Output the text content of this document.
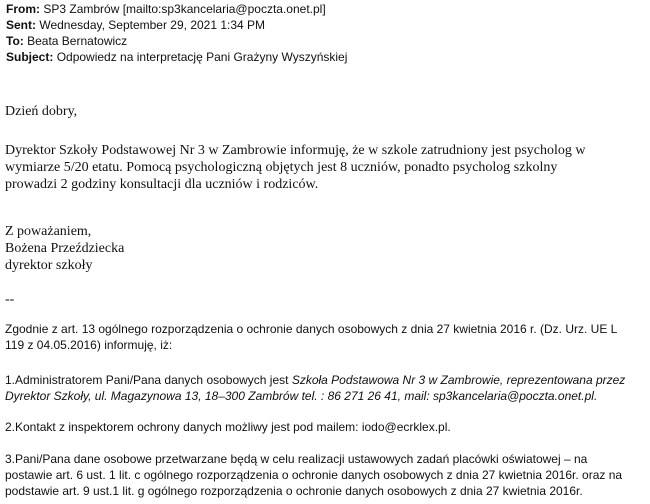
From: SP3 Zambrów [mailto:sp3kancelaria@poczta.onet.pl]
Sent: Wednesday, September 29, 2021 1:34 PM
To: Beata Bernatowicz
Subject: Odpowiedz na interpretację Pani Grażyny Wyszyńskiej
Dzień dobry,
Dyrektor Szkoły Podstawowej Nr 3 w Zambrowie informuję, że w szkole zatrudniony jest psycholog w
wymiarze 5/20 etatu. Pomocą psychologiczną objętych jest 8 uczniów, ponadto psycholog szkolny
prowadzi 2 godziny konsultacji dla uczniów i rodziców.
Z poważaniem,
Bożena Przeździecka
dyrektor szkoły
--
Zgodnie z art. 13 ogólnego rozporządzenia o ochronie danych osobowych z dnia 27 kwietnia 2016 r. (Dz. Urz. UE L
119 z 04.05.2016) informuję, iż:
1.Administratorem Pani/Pana danych osobowych jest Szkoła Podstawowa Nr 3 w Zambrowie, reprezentowana przez
Dyrektor Szkoły, ul. Magazynowa 13, 18–300 Zambrów tel. : 86 271 26 41, mail: sp3kancelaria@poczta.onet.pl.
2.Kontakt z inspektorem ochrony danych możliwy jest pod mailem: iodo@ecrklex.pl.
3.Pani/Pana dane osobowe przetwarzane będą w celu realizacji ustawowych zadań placówki oświatowej – na
postawie art. 6 ust. 1 lit. c ogólnego rozporządzenia o ochronie danych osobowych z dnia 27 kwietnia 2016r. oraz na
podstawie art. 9 ust.1 lit. g ogólnego rozporządzenia o ochronie danych osobowych z dnia 27 kwietnia 2016r.
